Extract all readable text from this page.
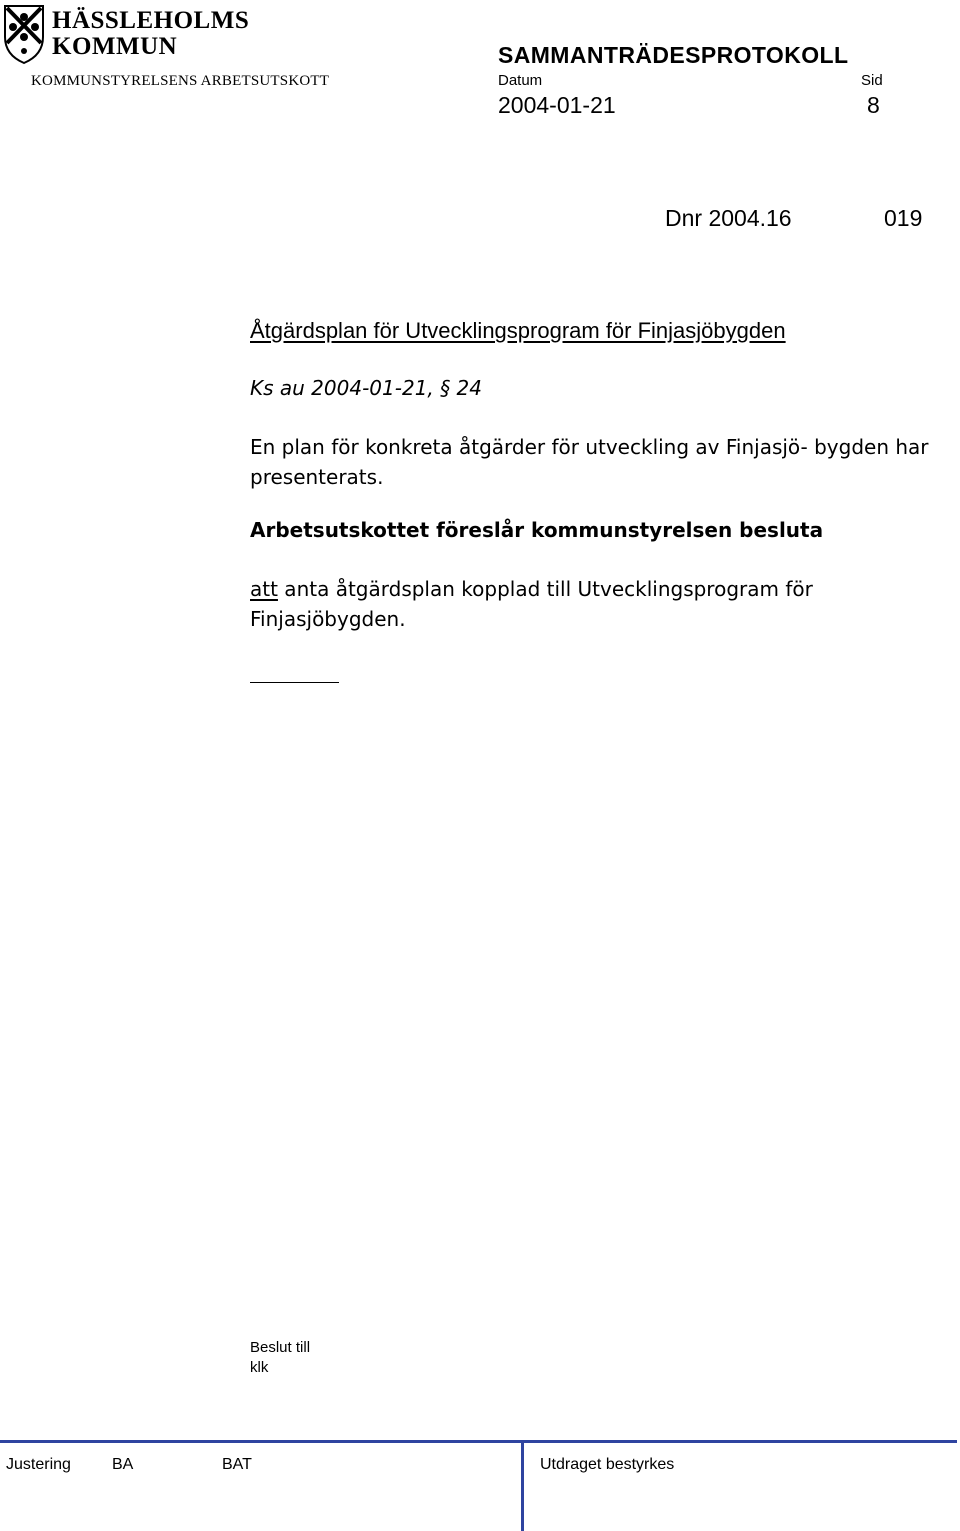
HÄSSLEHOLMS
KOMMUN
KOMMUNSTYRELSENS ARBETSUTSKOTT
SAMMANTRÄDESPROTOKOLL
Datum	Sid
2004-01-21	8
Dnr 2004.16	019
Åtgärdsplan för Utvecklingsprogram för Finjasjöbygden
Ks au 2004-01-21, § 24
En plan för konkreta åtgärder för utveckling av Finjasjö- bygden har presenterats.
Arbetsutskottet föreslår kommunstyrelsen besluta
att anta åtgärdsplan kopplad till Utvecklingsprogram för Finjasjöbygden.
Beslut till
klk
Justering	BA	BAT	Utdraget bestyrkes
